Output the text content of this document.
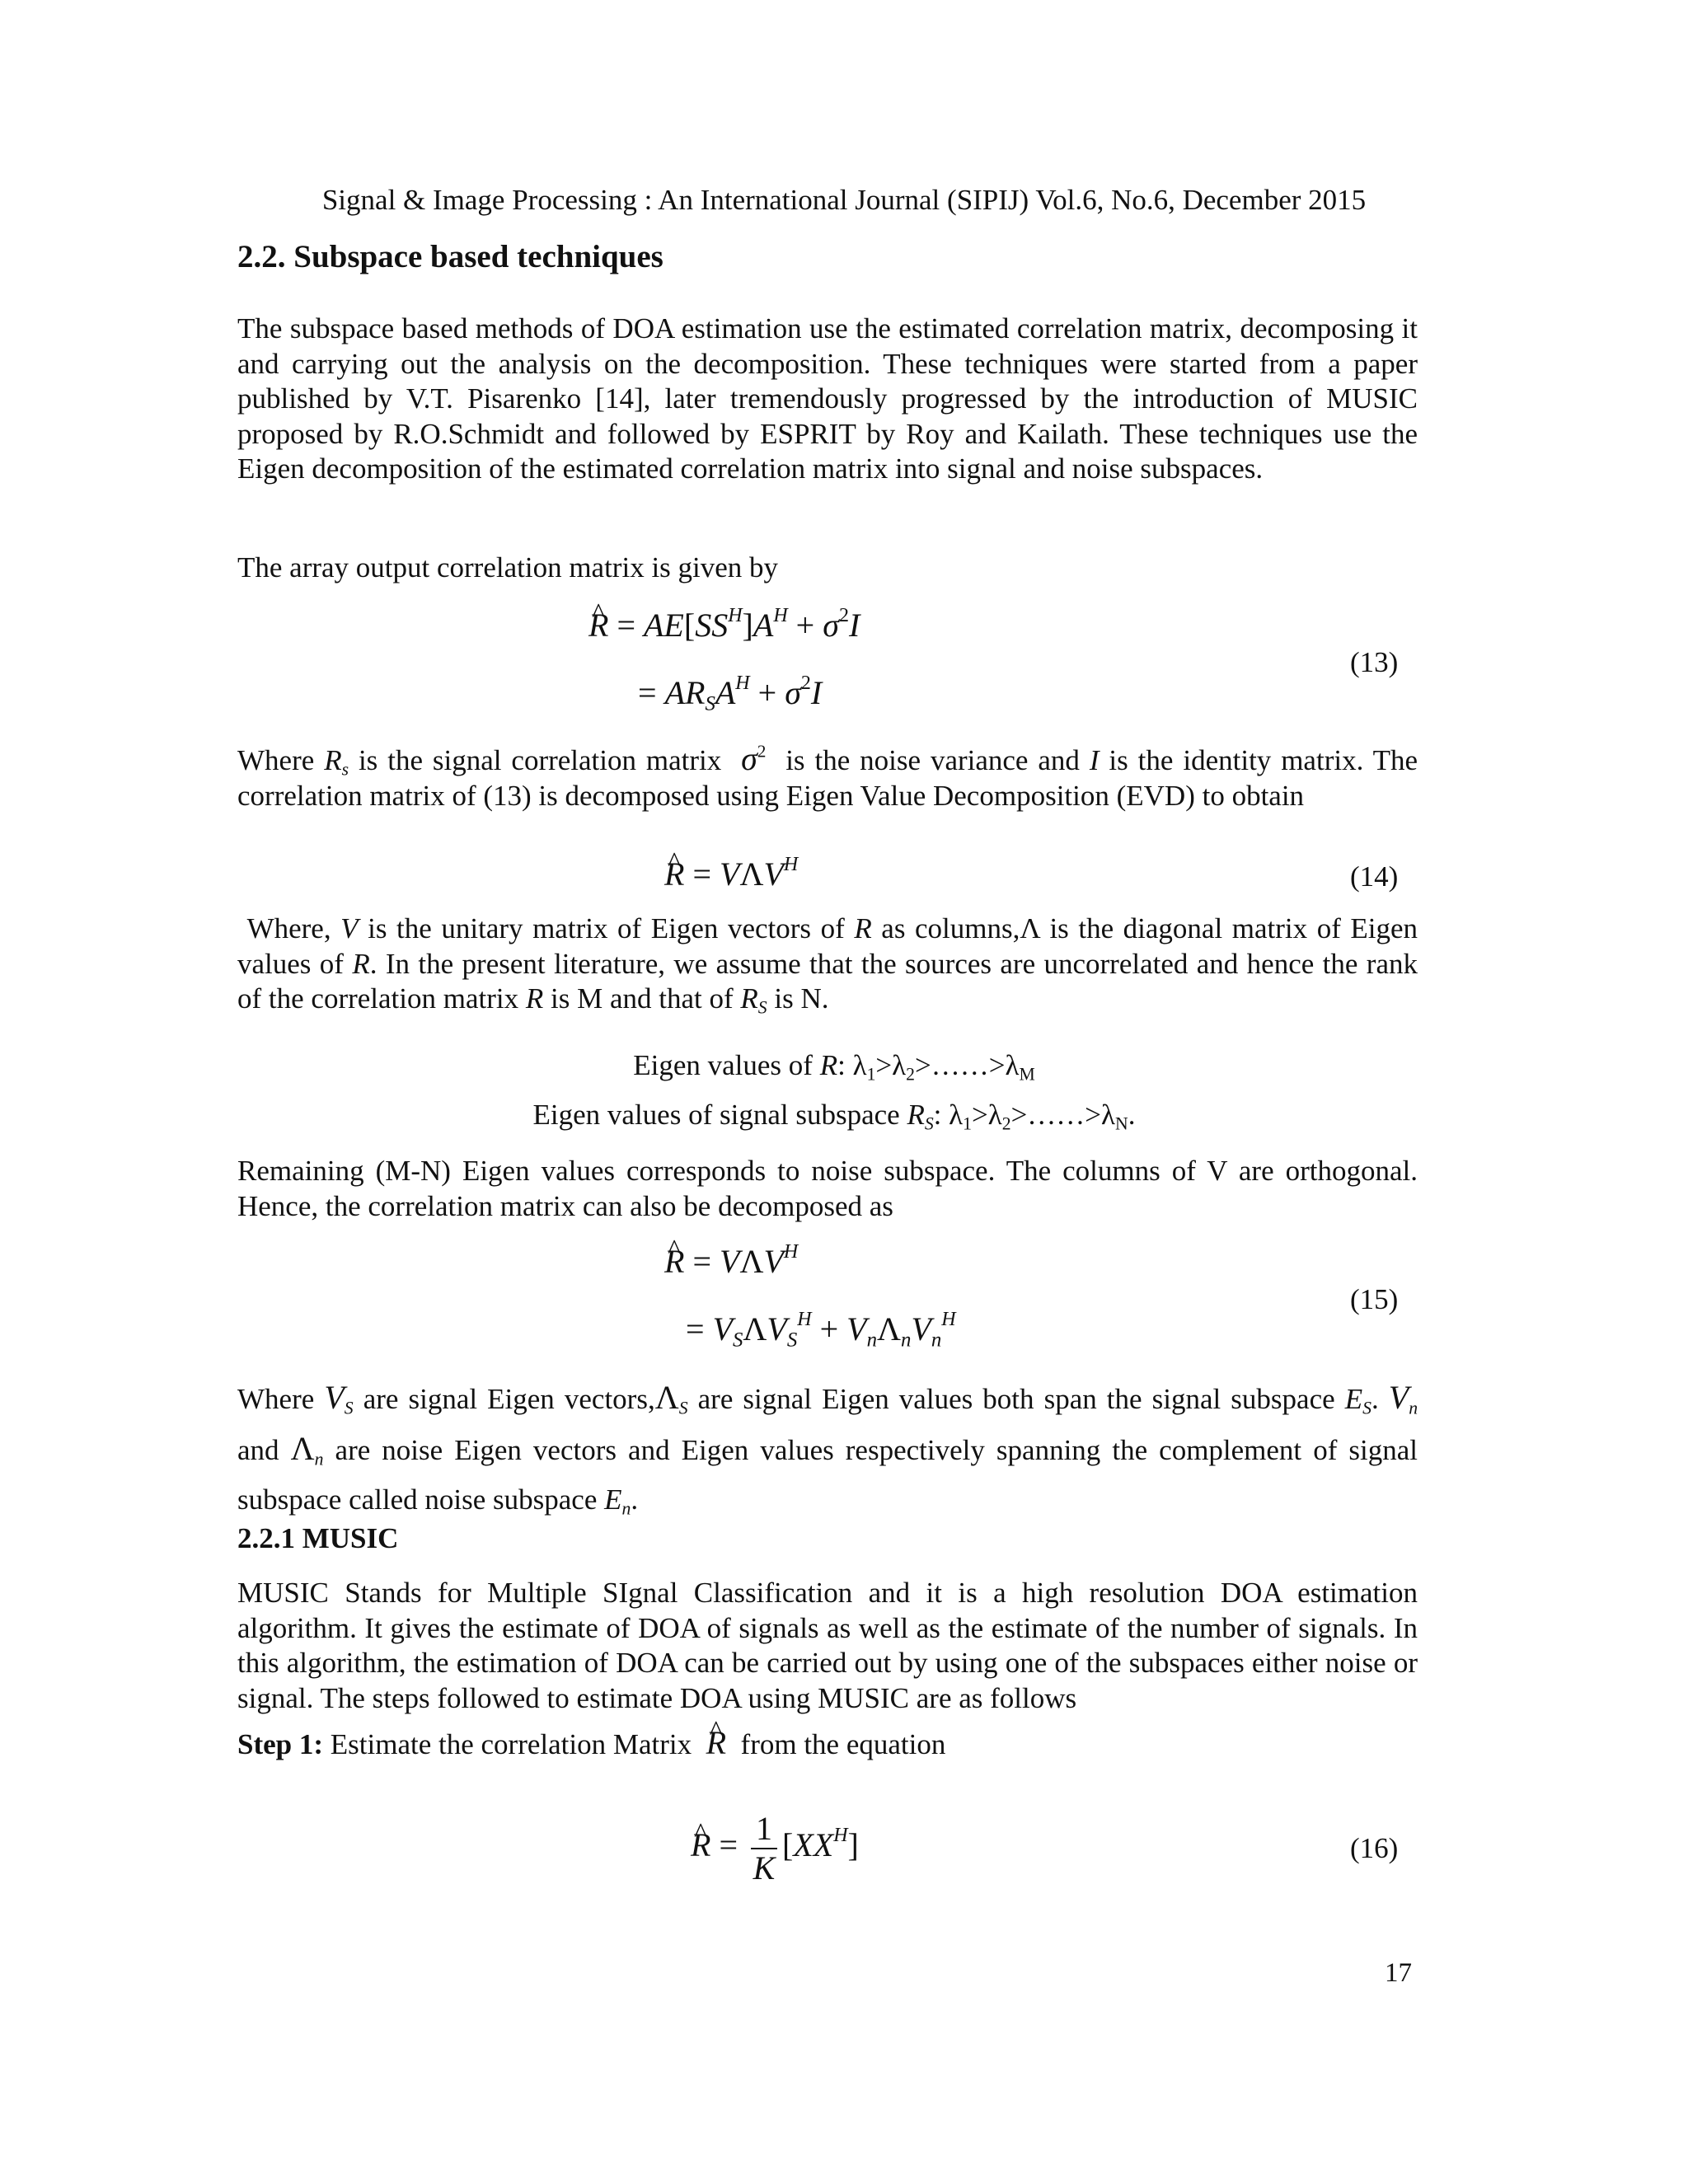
Signal & Image Processing : An International Journal (SIPIJ) Vol.6, No.6, December 2015
2.2. Subspace based techniques
The subspace based methods of DOA estimation use the estimated correlation matrix, decomposing it and carrying out the analysis on the decomposition. These techniques were started from a paper published by V.T. Pisarenko [14], later tremendously progressed by the introduction of MUSIC proposed by R.O.Schmidt and followed by ESPRIT by Roy and Kailath. These techniques use the Eigen decomposition of the estimated correlation matrix into signal and noise subspaces.
The array output correlation matrix is given by
^ $R = AE[SS^H]A^H + \sigma^2I$
= $AR_SA^H + \sigma^2I$
(13)
Where $R_s$ is the signal correlation matrix $\sigma^2$ is the noise variance and I is the identity matrix. The correlation matrix of (13) is decomposed using Eigen Value Decomposition (EVD) to obtain
^ $R = V\Lambda V^H$	(14)
Where, V is the unitary matrix of Eigen vectors of R as columns,Λ is the diagonal matrix of Eigen values of R. In the present literature, we assume that the sources are uncorrelated and hence the rank of the correlation matrix R is M and that of $R_S$ is N.
Eigen values of R: $\lambda_1>\lambda_2>\dots\dots>\lambda_M$
Eigen values of signal subspace $R_S$: $\lambda_1>\lambda_2>\dots\dots>\lambda_N$.
Remaining (M-N) Eigen values corresponds to noise subspace. The columns of V are orthogonal. Hence, the correlation matrix can also be decomposed as
^ $R = V\Lambda V^H$
= $V_S\Lambda V_S^H + V_n\Lambda_nV_n^H$
(15)
Where $V_S$ are signal Eigen $vectors,\Lambda_S$ are signal Eigen values both span the signal subspace $E_S$. $V_n$ and $\Lambda_n$ are noise Eigen vectors and Eigen values respectively spanning the complement of signal subspace called noise subspace $E_n$.
2.2.1 MUSIC
MUSIC Stands for Multiple SIgnal Classification and it is a high resolution DOA estimation algorithm. It gives the estimate of DOA of signals as well as the estimate of the number of signals. In this algorithm, the estimation of DOA can be carried out by using one of the subspaces either noise or signal. The steps followed to estimate DOA using MUSIC are as follows
Step 1: Estimate the correlation Matrix  ^ R from the equation
^ $R = \frac{1}{K} [XX^H]$	(16)
17
